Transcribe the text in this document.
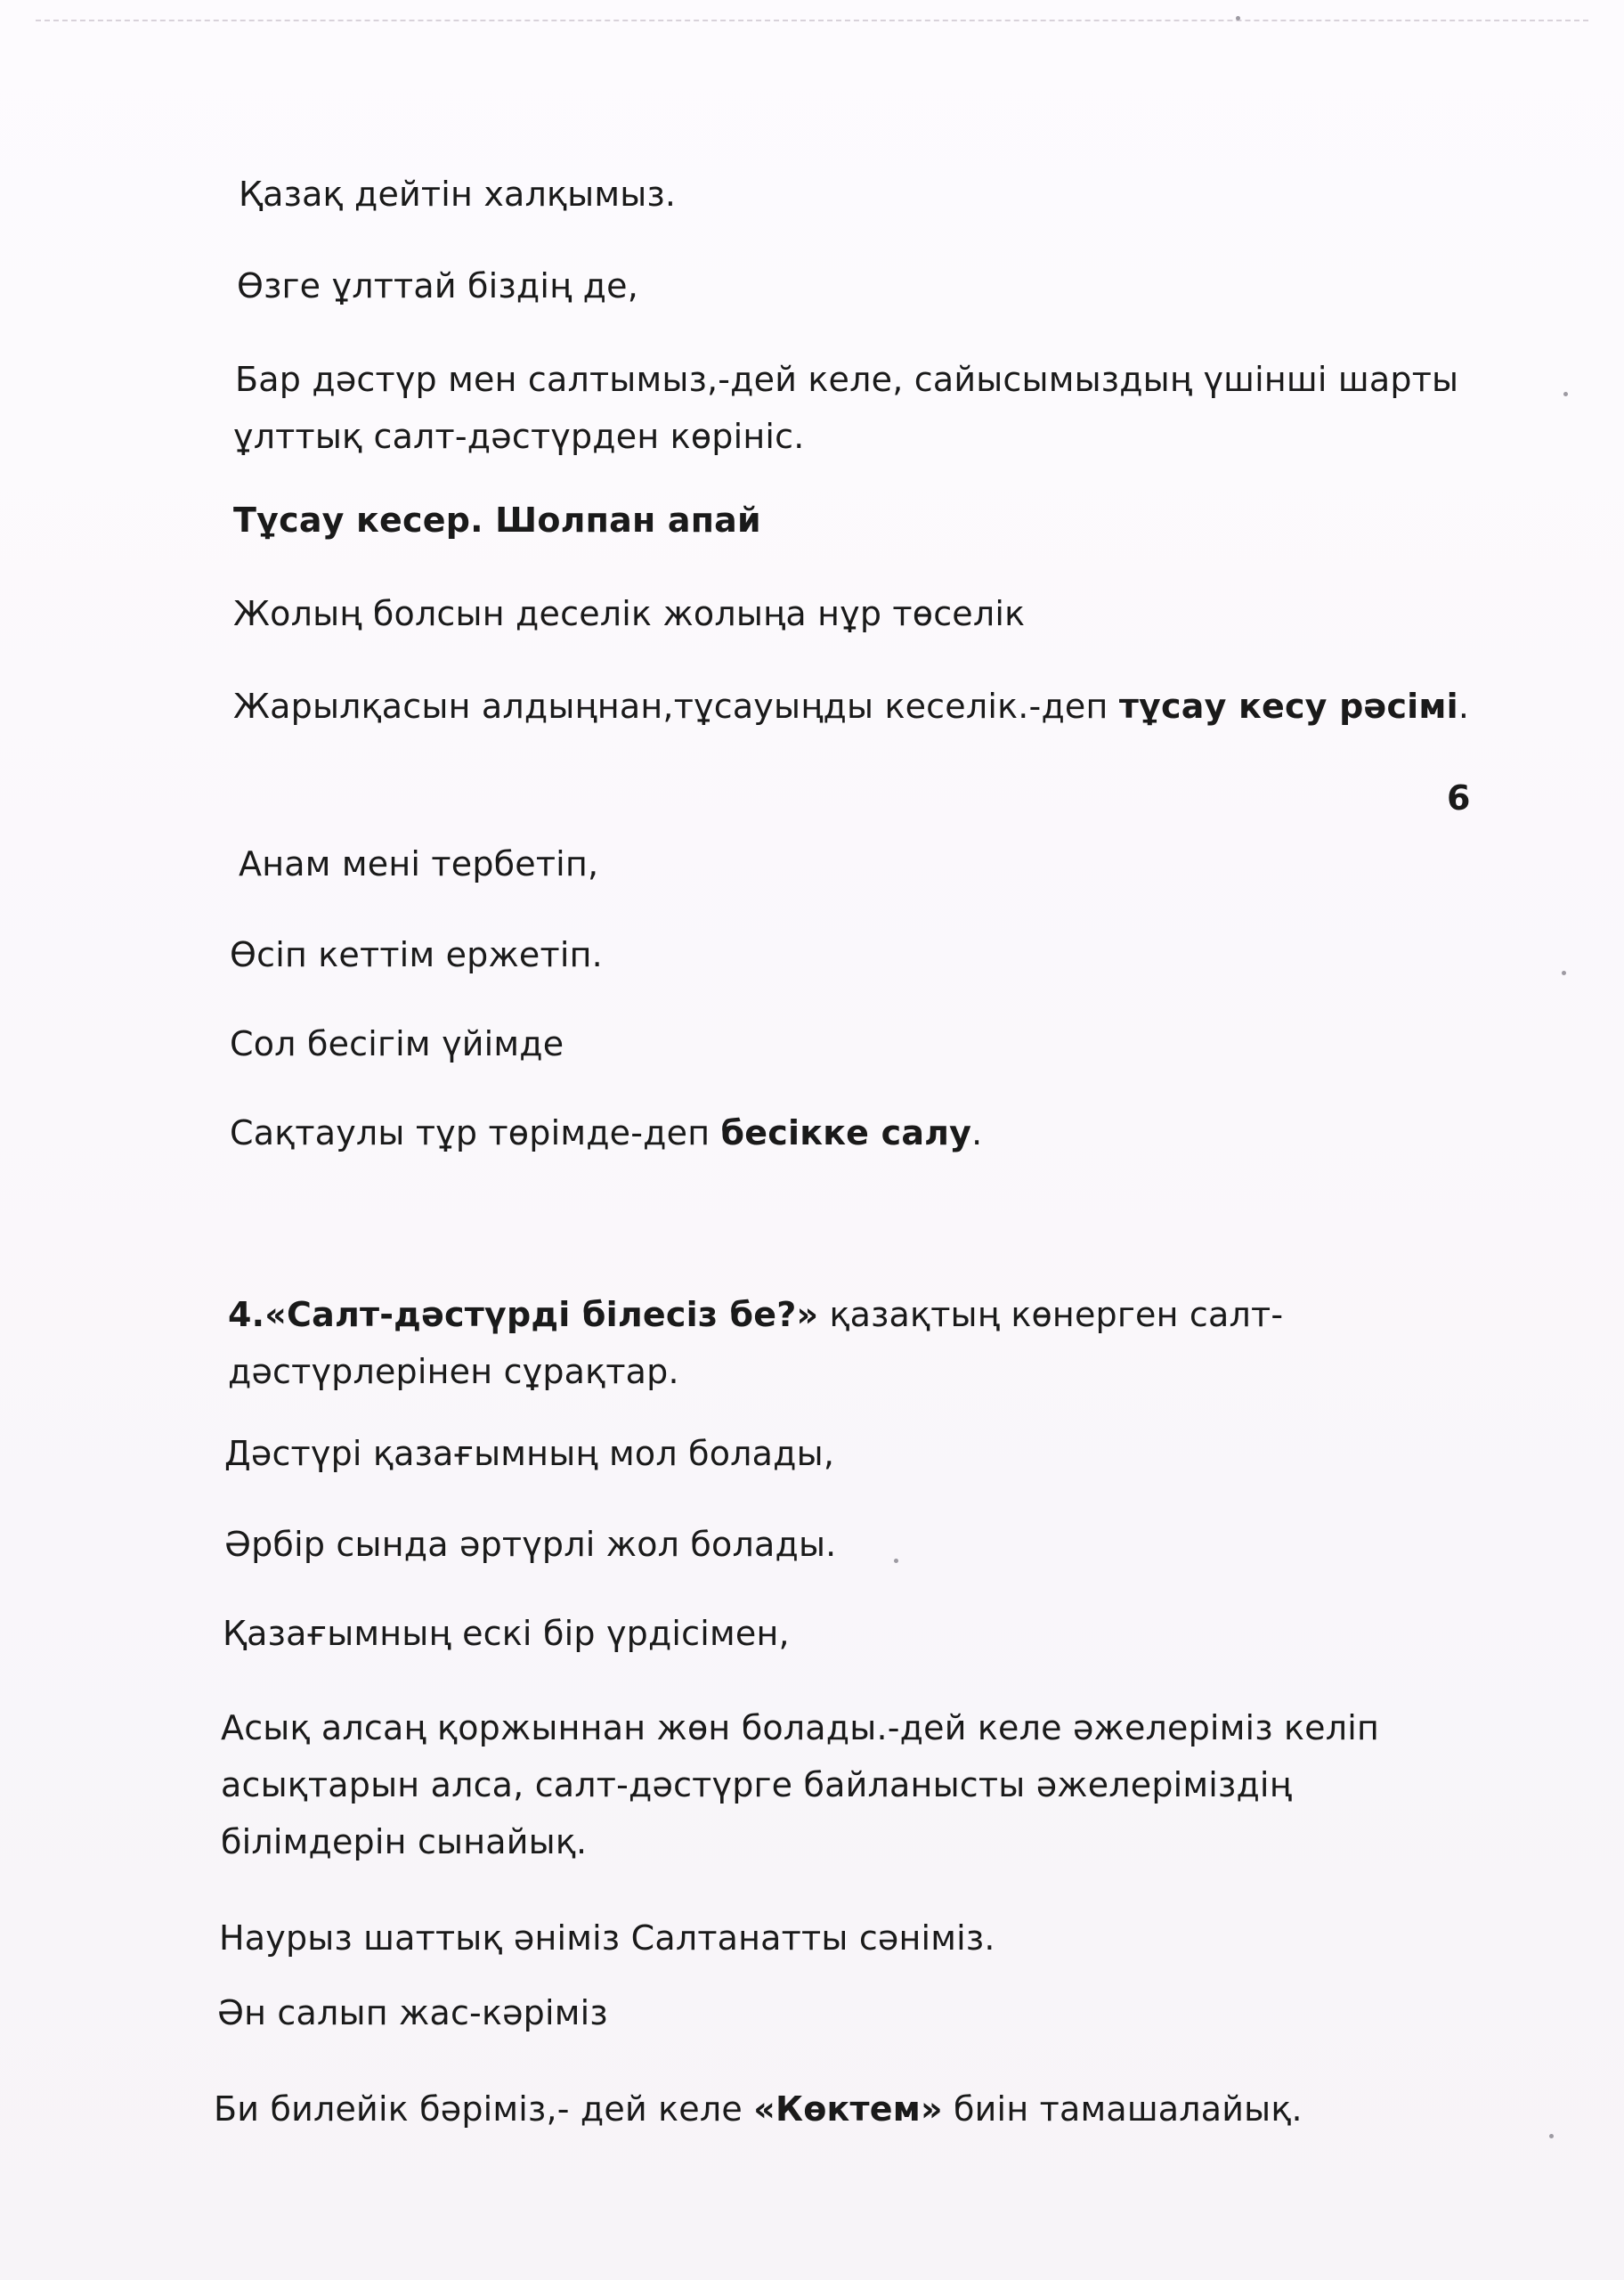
Қазақ дейтін халқымыз.
Өзге ұлттай біздің де,
Бар дәстүр мен салтымыз,-дей келе, сайысымыздың үшінші шарты
ұлттық салт-дәстүрден көрініс.
Тұсау кесер. Шолпан апай
Жолың болсын деселік жолыңа нұр төселік
Жарылқасын алдыңнан,тұсауыңды кеселік.-деп тұсау кесу рәсімі.
6
Анам мені тербетіп,
Өсіп кеттім ержетіп.
Сол бесігім үйімде
Сақтаулы тұр төрімде-деп бесікке салу.
4.«Салт-дәстүрді білесіз бе?» қазақтың көнерген салт-
дәстүрлерінен сұрақтар.
Дәстүрі қазағымның мол болады,
Әрбір сында әртүрлі жол болады.
Қазағымның ескі бір үрдісімен,
Асық алсаң қоржыннан жөн болады.-дей келе әжелеріміз келіп
асықтарын алса, салт-дәстүрге байланысты әжелеріміздің
білімдерін сынайық.
Наурыз шаттық әніміз Салтанатты сәніміз.
Ән салып жас-кәріміз
Би билейік бәріміз,- дей келе «Көктем» биін тамашалайық.
